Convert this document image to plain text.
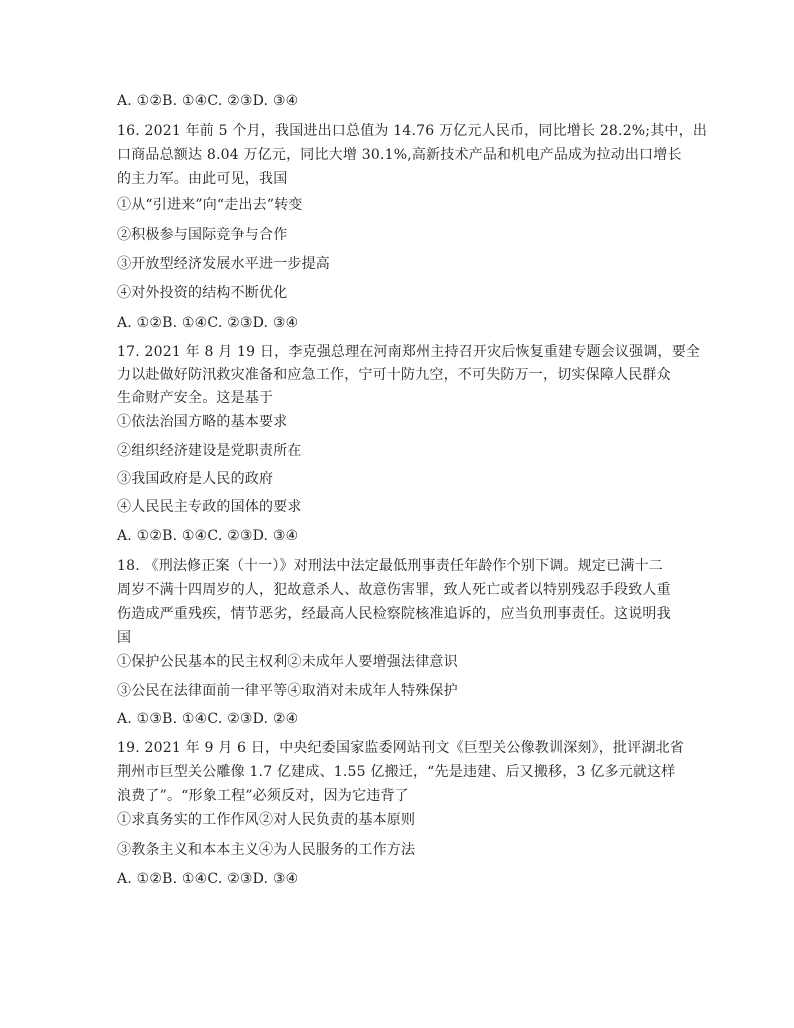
A. ①②B. ①④C. ②③D. ③④
16. 2021 年前 5 个月，我国进出口总值为 14.76 万亿元人民币，同比增长 28.2%;其中，出
口商品总额达 8.04 万亿元，同比大增 30.1%,高新技术产品和机电产品成为拉动出口增长
的主力军。由此可见，我国
①从“引进来”向“走出去”转变
②积极参与国际竞争与合作
③开放型经济发展水平进一步提高
④对外投资的结构不断优化
A. ①②B. ①④C. ②③D. ③④
17. 2021 年 8 月 19 日，李克强总理在河南郑州主持召开灾后恢复重建专题会议强调，要全
力以赴做好防汛救灾准备和应急工作，宁可十防九空，不可失防万一，切实保障人民群众
生命财产安全。这是基于
①依法治国方略的基本要求
②组织经济建设是党职责所在
③我国政府是人民的政府
④人民民主专政的国体的要求
A. ①②B. ①④C. ②③D. ③④
18. 《刑法修正案（十一）》对刑法中法定最低刑事责任年龄作个别下调。规定已满十二
周岁不满十四周岁的人，犯故意杀人、故意伤害罪，致人死亡或者以特别残忍手段致人重
伤造成严重残疾，情节恶劣，经最高人民检察院核准追诉的，应当负刑事责任。这说明我
国
①保护公民基本的民主权利②未成年人要增强法律意识
③公民在法律面前一律平等④取消对未成年人特殊保护
A. ①③B. ①④C. ②③D. ②④
19. 2021 年 9 月 6 日，中央纪委国家监委网站刊文《巨型关公像教训深刻》，批评湖北省
荆州市巨型关公雕像 1.7 亿建成、1.55 亿搬迁，“先是违建、后又搬移，3 亿多元就这样
浪费了”。“形象工程”必须反对，因为它违背了
①求真务实的工作作风②对人民负责的基本原则
③教条主义和本本主义④为人民服务的工作方法
A. ①②B. ①④C. ②③D. ③④
